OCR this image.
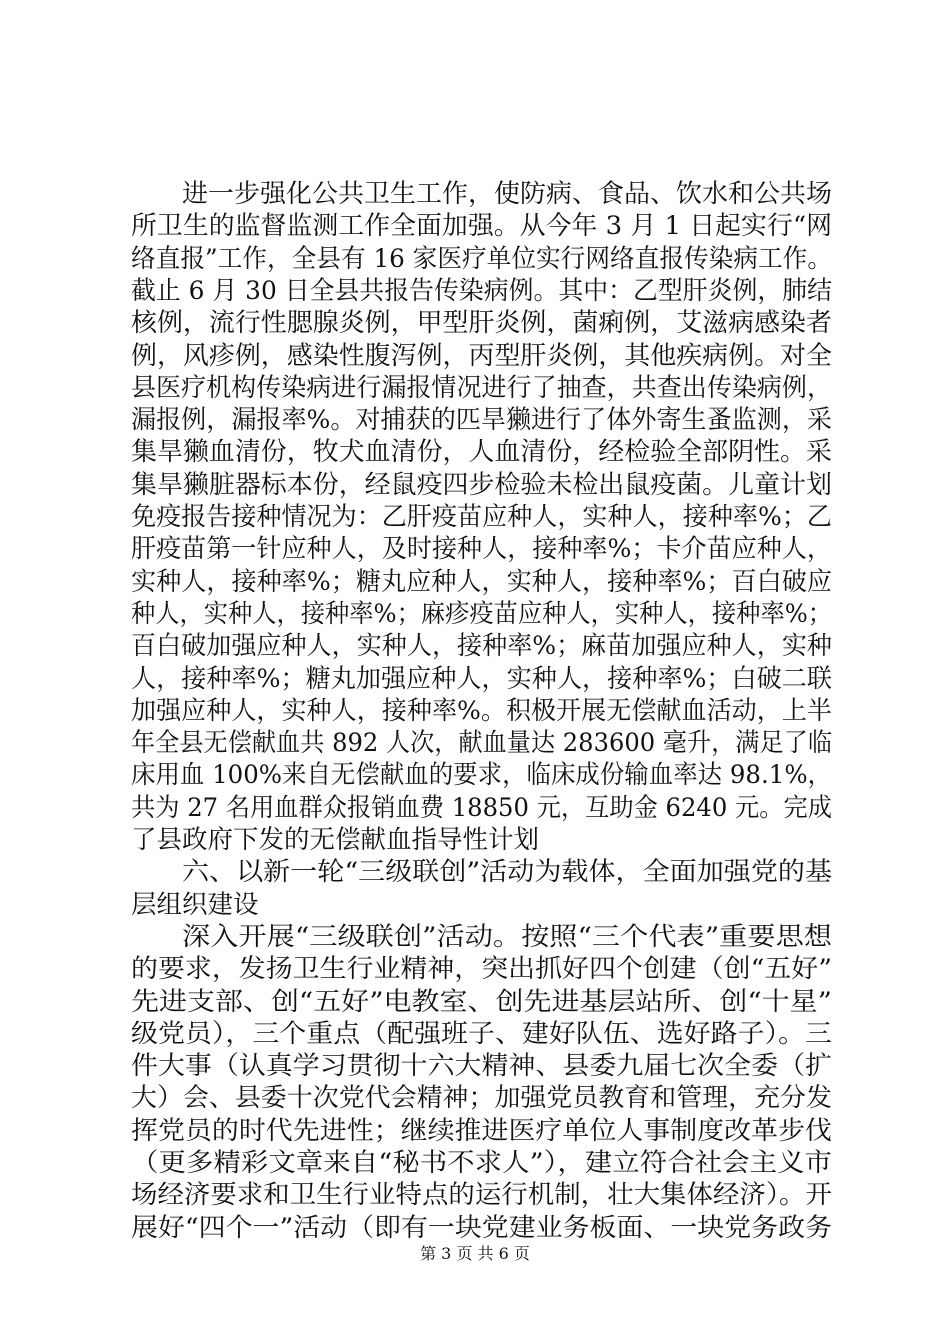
进一步强化公共卫生工作，使防病、食品、饮水和公共场
所卫生的监督监测工作全面加强。从今年 3 月 1 日起实行“网
络直报”工作，全县有 16 家医疗单位实行网络直报传染病工作。
截止 6 月 30 日全县共报告传染病例。其中：乙型肝炎例，肺结
核例，流行性腮腺炎例，甲型肝炎例，菌痢例，艾滋病感染者
例，风疹例，感染性腹泻例，丙型肝炎例，其他疾病例。对全
县医疗机构传染病进行漏报情况进行了抽查，共查出传染病例，
漏报例，漏报率%。对捕获的匹旱獭进行了体外寄生蚤监测，采
集旱獭血清份，牧犬血清份，人血清份，经检验全部阴性。采
集旱獭脏器标本份，经鼠疫四步检验未检出鼠疫菌。儿童计划
免疫报告接种情况为：乙肝疫苗应种人，实种人，接种率%；乙
肝疫苗第一针应种人，及时接种人，接种率%；卡介苗应种人，
实种人，接种率%；糖丸应种人，实种人，接种率%；百白破应
种人，实种人，接种率%；麻疹疫苗应种人，实种人，接种率%；
百白破加强应种人，实种人，接种率%；麻苗加强应种人，实种
人，接种率%；糖丸加强应种人，实种人，接种率%；白破二联
加强应种人，实种人，接种率%。积极开展无偿献血活动，上半
年全县无偿献血共 892 人次，献血量达 283600 毫升，满足了临
床用血 100%来自无偿献血的要求，临床成份输血率达 98.1%，
共为 27 名用血群众报销血费 18850 元，互助金 6240 元。完成
了县政府下发的无偿献血指导性计划
六、以新一轮“三级联创”活动为载体，全面加强党的基
层组织建设
深入开展“三级联创”活动。按照“三个代表”重要思想
的要求，发扬卫生行业精神，突出抓好四个创建（创“五好”
先进支部、创“五好”电教室、创先进基层站所、创“十星”
级党员），三个重点（配强班子、建好队伍、选好路子）。三
件大事（认真学习贯彻十六大精神、县委九届七次全委（扩
大）会、县委十次党代会精神；加强党员教育和管理，充分发
挥党员的时代先进性；继续推进医疗单位人事制度改革步伐
（更多精彩文章来自“秘书不求人”），建立符合社会主义市
场经济要求和卫生行业特点的运行机制，壮大集体经济）。开
展好“四个一”活动（即有一块党建业务板面、一块党务政务
第 3 页 共 6 页
